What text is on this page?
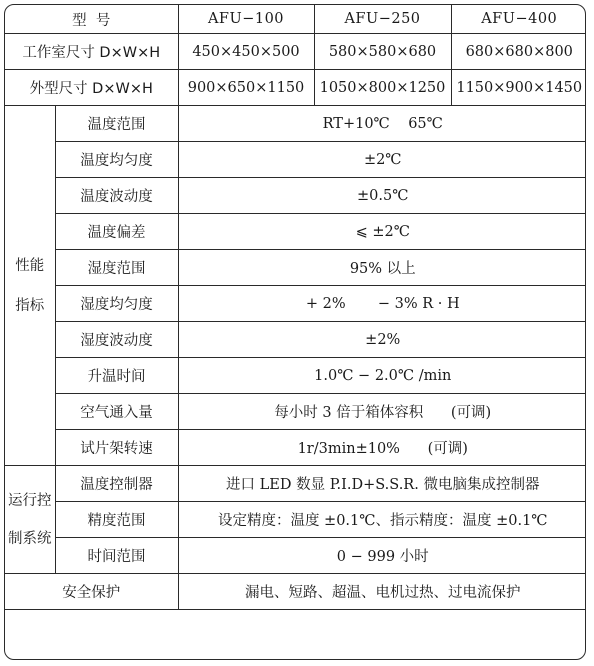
型  号		AFU−100	AFU−250	AFU−400
工作室尺寸 D×W×H		450×450×500	580×580×680	680×680×800
外型尺寸 D×W×H		900×650×1150	1050×800×1250	1150×900×1450
性能
指标	温度范围	RT+10℃    65℃		
	温度均匀度	±2℃		
	温度波动度	±0.5℃		
	温度偏差	⩽ ±2℃		
	湿度范围	95% 以上		
	湿度均匀度	+ 2%       − 3% R · H		
	湿度波动度	±2%		
	升温时间	1.0℃ − 2.0℃ /min		
	空气通入量	每小时 3 倍于箱体容积      (可调)		
	试片架转速	1r/3min±10%      (可调)		
运行控
制系统	温度控制器	进口 LED 数显 P.I.D+S.S.R. 微电脑集成控制器		
	精度范围	设定精度：温度 ±0.1℃、指示精度：温度 ±0.1℃		
	时间范围	0 − 999 小时		
安全保护		漏电、短路、超温、电机过热、过电流保护		
